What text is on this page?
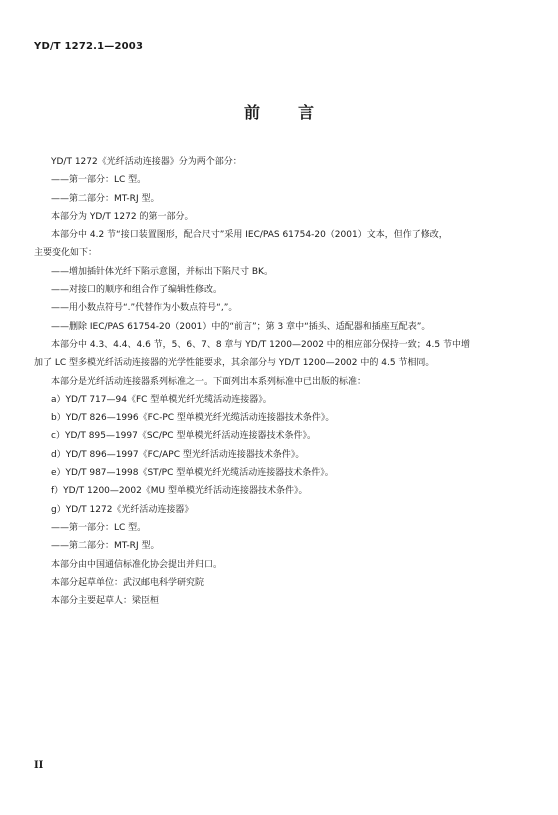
YD/T 1272.1—2003
前言
YD/T 1272《光纤活动连接器》分为两个部分：
——第一部分：LC 型。
——第二部分：MT-RJ 型。
本部分为 YD/T 1272 的第一部分。
本部分中 4.2 节“接口装置图形，配合尺寸”采用 IEC/PAS 61754-20（2001）文本，但作了修改，
主要变化如下：
——增加插针体光纤下陷示意图，并标出下陷尺寸 BK。
——对接口的顺序和组合作了编辑性修改。
——用小数点符号“.”代替作为小数点符号“,”。
——删除 IEC/PAS 61754-20（2001）中的“前言”；第 3 章中“插头、适配器和插座互配表”。
本部分中 4.3、4.4、4.6 节，5、6、7、8 章与 YD/T 1200—2002 中的相应部分保持一致；4.5 节中增
加了 LC 型多模光纤活动连接器的光学性能要求，其余部分与 YD/T 1200—2002 中的 4.5 节相同。
本部分是光纤活动连接器系列标准之一。下面列出本系列标准中已出版的标准：
a）YD/T 717—94《FC 型单模光纤光缆活动连接器》。
b）YD/T 826—1996《FC-PC 型单模光纤光缆活动连接器技术条件》。
c）YD/T 895—1997《SC/PC 型单模光纤活动连接器技术条件》。
d）YD/T 896—1997《FC/APC 型光纤活动连接器技术条件》。
e）YD/T 987—1998《ST/PC 型单模光纤光缆活动连接器技术条件》。
f）YD/T 1200—2002《MU 型单模光纤活动连接器技术条件》。
g）YD/T 1272《光纤活动连接器》
——第一部分：LC 型。
——第二部分：MT-RJ 型。
本部分由中国通信标准化协会提出并归口。
本部分起草单位：武汉邮电科学研究院
本部分主要起草人：梁臣桓
II
